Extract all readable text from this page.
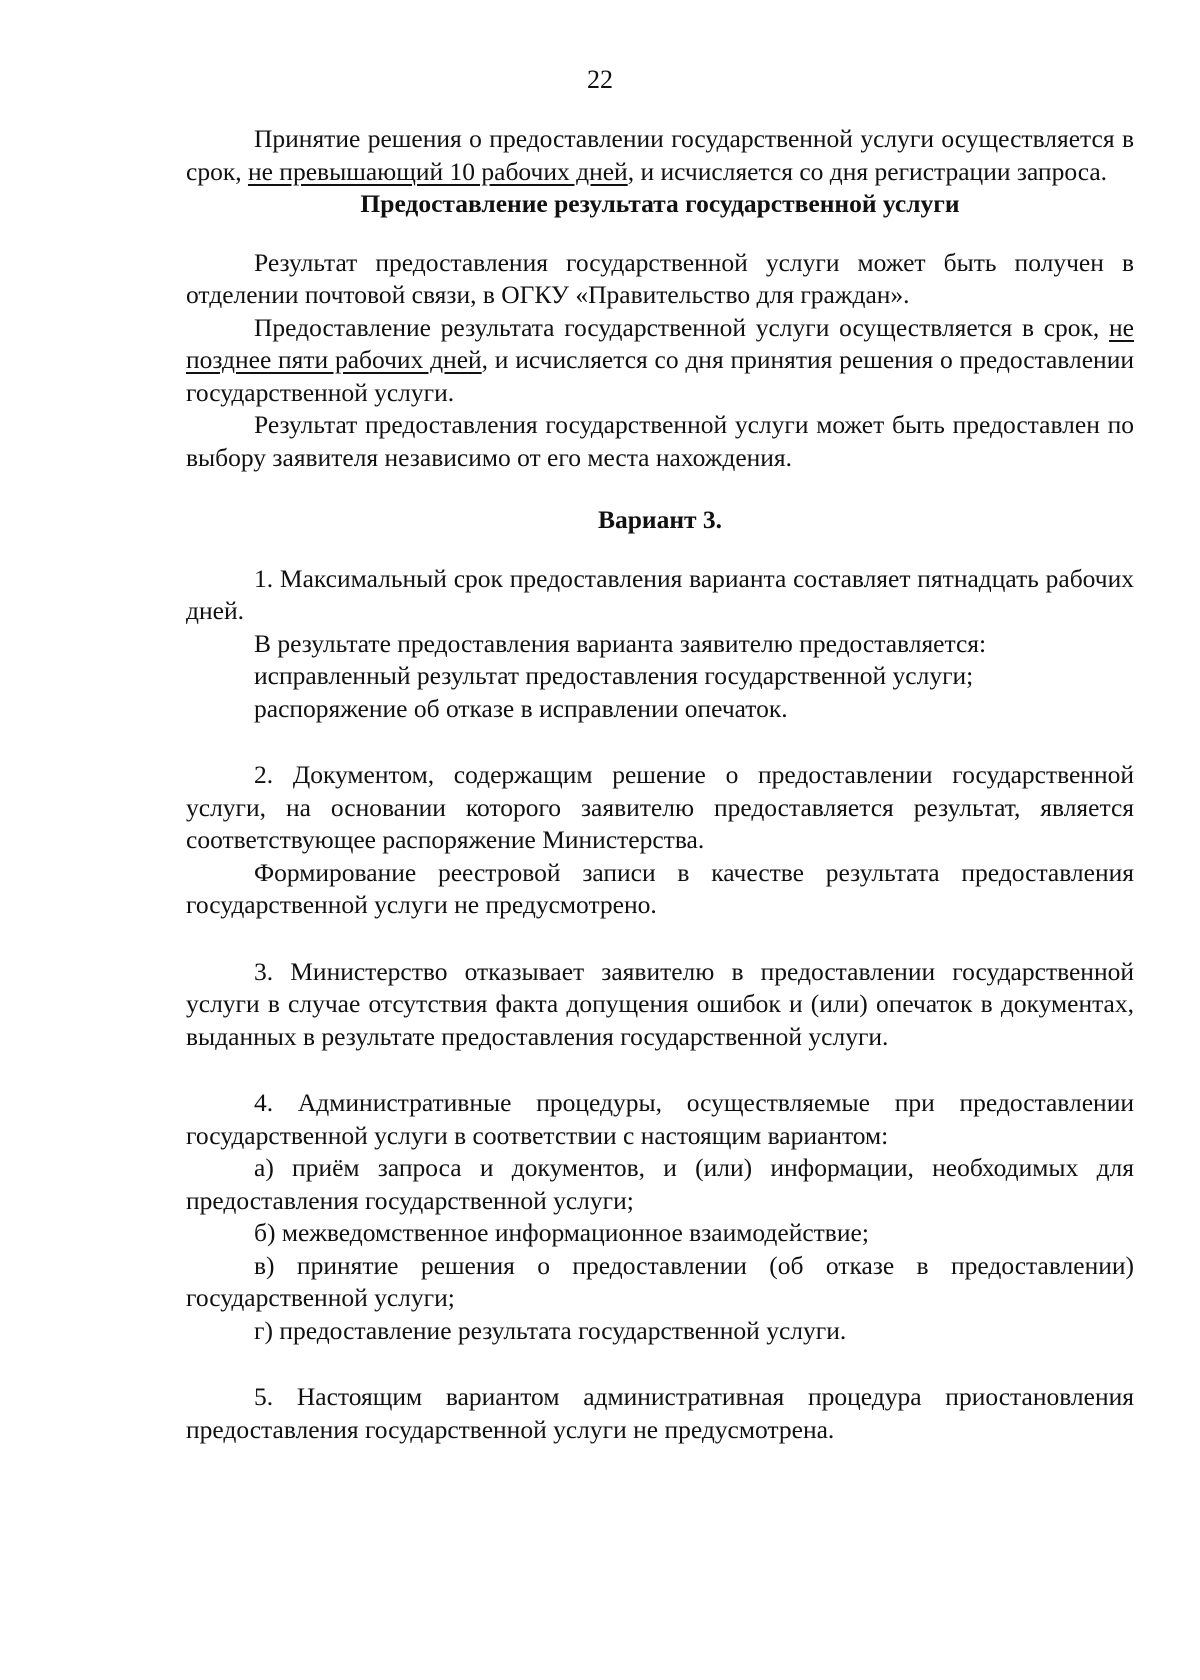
22

Принятие решения о предоставлении государственной услуги осуществляется в срок, не превышающий 10 рабочих дней, и исчисляется со дня регистрации запроса.

Предоставление результата государственной услуги

Результат предоставления государственной услуги может быть получен в отделении почтовой связи, в ОГКУ «Правительство для граждан».

Предоставление результата государственной услуги осуществляется в срок, не позднее пяти рабочих дней, и исчисляется со дня принятия решения о предоставлении государственной услуги.

Результат предоставления государственной услуги может быть предоставлен по выбору заявителя независимо от его места нахождения.

Вариант 3.

1. Максимальный срок предоставления варианта составляет пятнадцать рабочих дней.

В результате предоставления варианта заявителю предоставляется:

исправленный результат предоставления государственной услуги;

распоряжение об отказе в исправлении опечаток.

2. Документом, содержащим решение о предоставлении государственной услуги, на основании которого заявителю предоставляется результат, является соответствующее распоряжение Министерства.

Формирование реестровой записи в качестве результата предоставления государственной услуги не предусмотрено.

3. Министерство отказывает заявителю в предоставлении государственной услуги в случае отсутствия факта допущения ошибок и (или) опечаток в документах, выданных в результате предоставления государственной услуги.

4. Административные процедуры, осуществляемые при предоставлении государственной услуги в соответствии с настоящим вариантом:

а) приём запроса и документов, и (или) информации, необходимых для предоставления государственной услуги;

б) межведомственное информационное взаимодействие;

в) принятие решения о предоставлении (об отказе в предоставлении) государственной услуги;

г) предоставление результата государственной услуги.

5. Настоящим вариантом административная процедура приостановления предоставления государственной услуги не предусмотрена.
